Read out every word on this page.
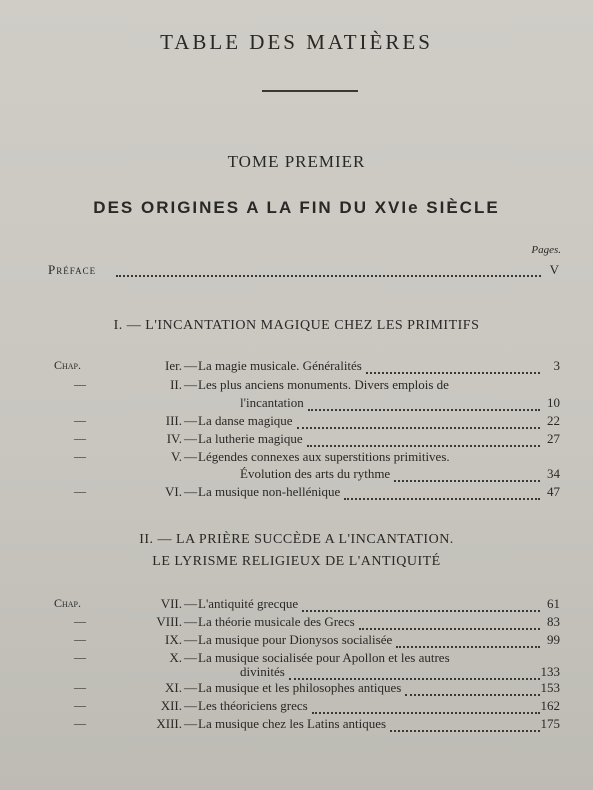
TABLE DES MATIÈRES
TOME PREMIER
DES ORIGINES A LA FIN DU XVIe SIÈCLE
Pages.
Préface	V
I. — L'INCANTATION MAGIQUE CHEZ LES PRIMITIFS
Chap.	Ier. — La magie musicale. Généralités	3
—	II. — Les plus anciens monuments. Divers emplois de
l'incantation	10
—	III. — La danse magique	22
—	IV. — La lutherie magique	27
—	V. — Légendes connexes aux superstitions primitives.
Évolution des arts du rythme	34
—	VI. — La musique non-hellénique	47
II. — LA PRIÈRE SUCCÈDE A L'INCANTATION.
LE LYRISME RELIGIEUX DE L'ANTIQUITÉ
Chap.	VII. — L'antiquité grecque	61
—	VIII. — La théorie musicale des Grecs	83
—	IX. — La musique pour Dionysos socialisée	99
—	X. — La musique socialisée pour Apollon et les autres
divinités	133
—	XI. — La musique et les philosophes antiques	153
—	XII. — Les théoriciens grecs	162
—	XIII. — La musique chez les Latins antiques	175
